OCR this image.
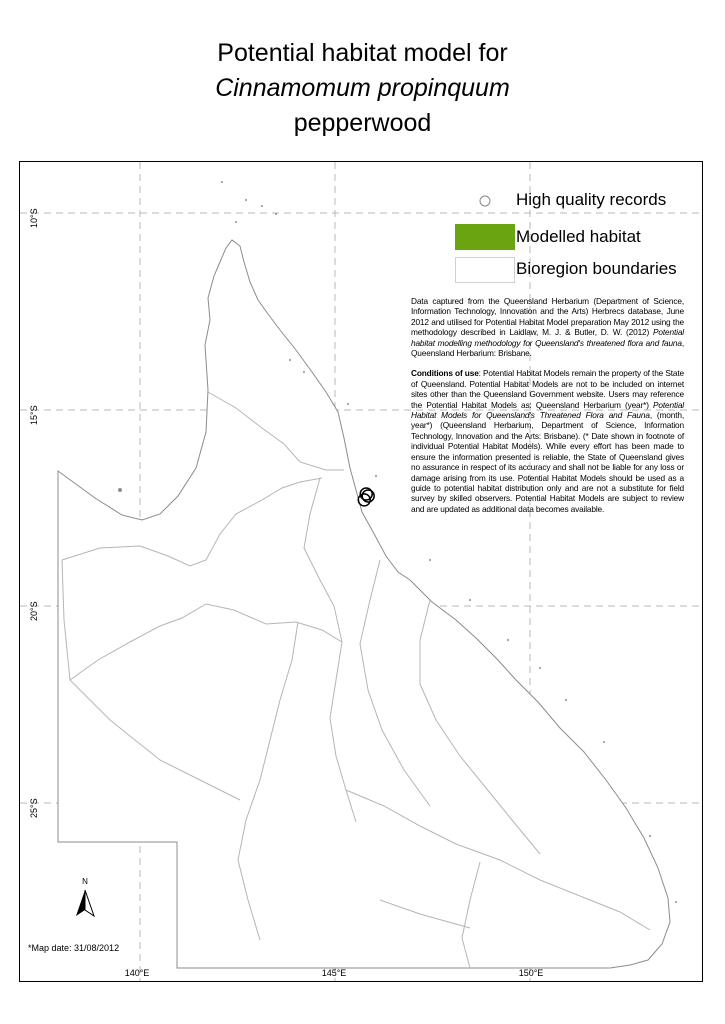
Potential habitat model for
Cinnamomum propinquum
pepperwood
N
High quality records
Modelled habitat
Bioregion boundaries

Data captured from the Queensland Herbarium (Department of Science, Information Technology, Innovation and the Arts) Herbrecs database, June 2012 and utilised for Potential Habitat Model preparation May 2012 using the methodology described in Laidlaw, M. J. & Butler, D. W. (2012) Potential habitat modelling methodology for Queensland's threatened flora and fauna, Queensland Herbarium: Brisbane.

Conditions of use: Potential Habitat Models remain the property of the State of Queensland. Potential Habitat Models are not to be included on internet sites other than the Queensland Government website. Users may reference the Potential Habitat Models as: Queensland Herbarium (year*) Potential Habitat Models for Queensland's Threatened Flora and Fauna, (month, year*) (Queensland Herbarium, Department of Science, Information Technology, Innovation and the Arts: Brisbane). (* Date shown in footnote of individual Potential Habitat Models). While every effort has been made to ensure the information presented is reliable, the State of Queensland gives no assurance in respect of its accuracy and shall not be liable for any loss or damage arising from its use. Potential Habitat Models should be used as a guide to potential habitat distribution only and are not a substitute for field survey by skilled observers. Potential Habitat Models are subject to review and are updated as additional data becomes available.

*Map date: 31/08/2012
140°E	145°E	150°E
10°S
15°S
20°S
25°S
